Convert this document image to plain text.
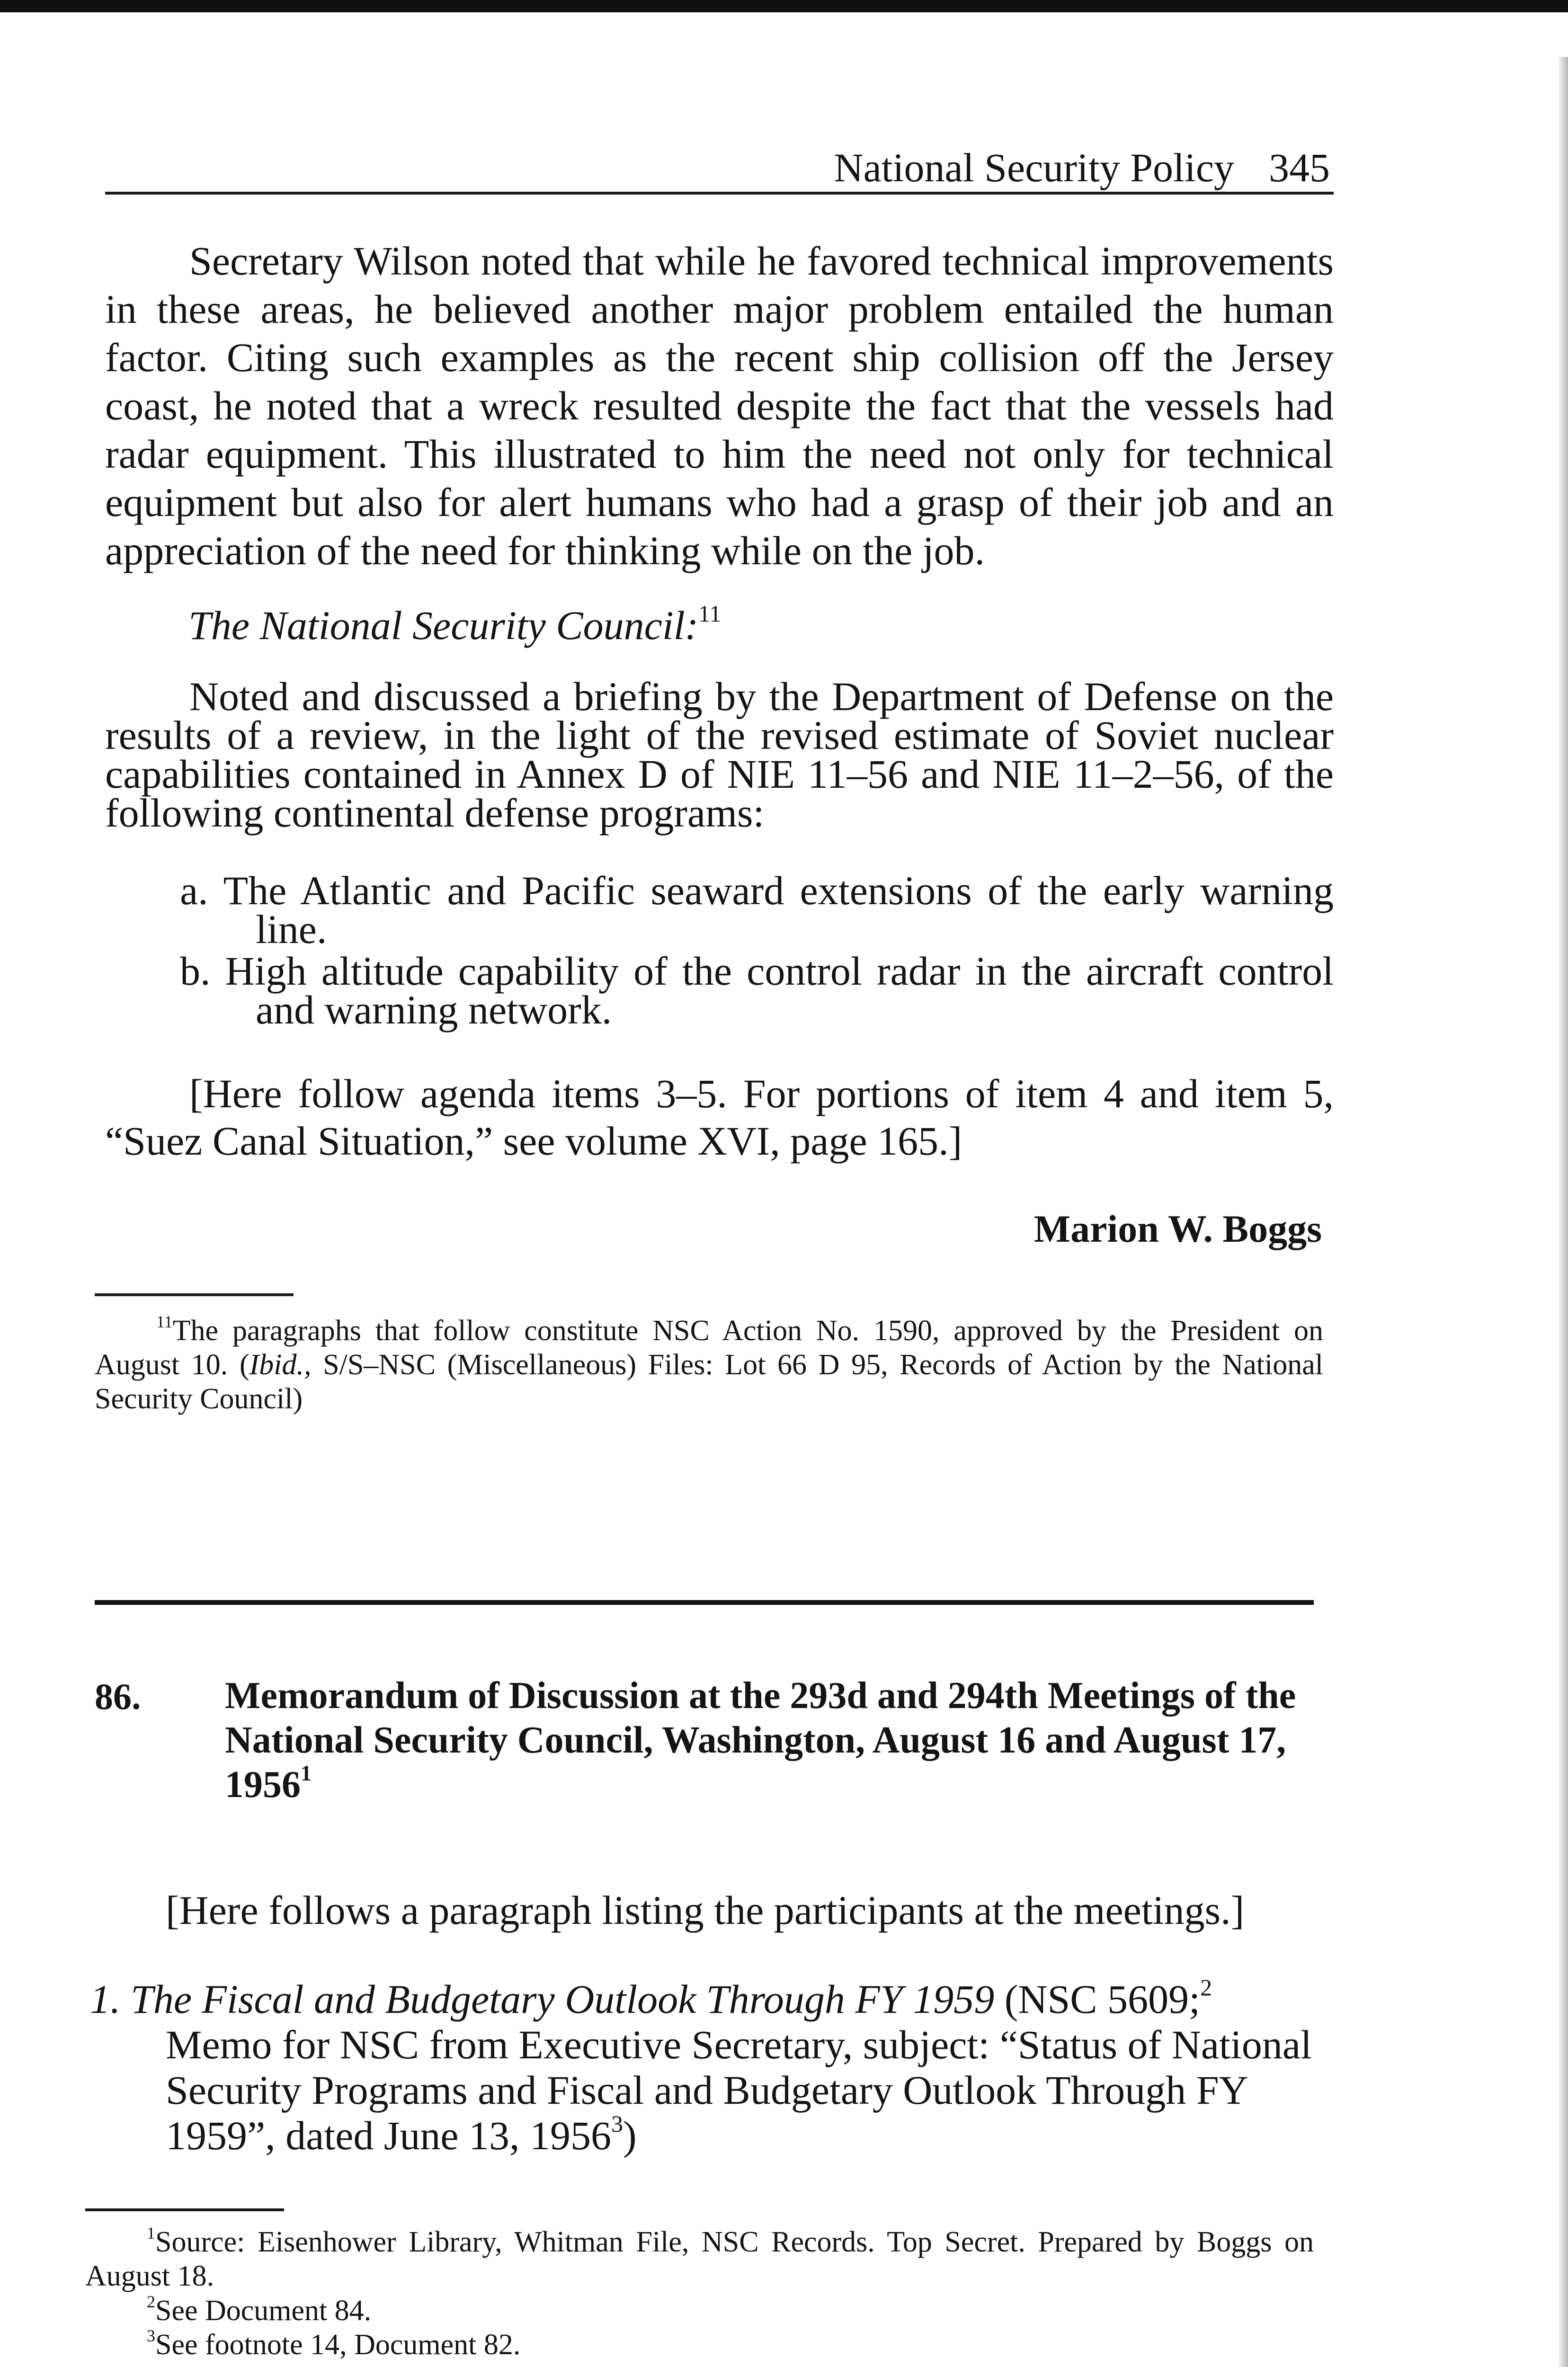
National Security Policy 345

Secretary Wilson noted that while he favored technical improvements in these areas, he believed another major problem entailed the human factor. Citing such examples as the recent ship collision off the Jersey coast, he noted that a wreck resulted despite the fact that the vessels had radar equipment. This illustrated to him the need not only for technical equipment but also for alert humans who had a grasp of their job and an appreciation of the need for thinking while on the job.

The National Security Council:$^{11}$

Noted and discussed a briefing by the Department of Defense on the results of a review, in the light of the revised estimate of Soviet nuclear capabilities contained in Annex D of NIE 11–56 and NIE 11–2–56, of the following continental defense programs:

a. The Atlantic and Pacific seaward extensions of the early warning line.

b. High altitude capability of the control radar in the aircraft control and warning network.

[Here follow agenda items 3–5. For portions of item 4 and item 5, “Suez Canal Situation,” see volume XVI, page 165.]

Marion W. Boggs

$^{11}$The paragraphs that follow constitute NSC Action No. 1590, approved by the President on August 10. (Ibid., S/S–NSC (Miscellaneous) Files: Lot 66 D 95, Records of Action by the National Security Council)

86. Memorandum of Discussion at the 293d and 294th Meetings of the National Security Council, Washington, August 16 and August 17, 1956$^1$

[Here follows a paragraph listing the participants at the meetings.]

1. The Fiscal and Budgetary Outlook Through FY 1959 (NSC 5609;$^2$ Memo for NSC from Executive Secretary, subject: “Status of National Security Programs and Fiscal and Budgetary Outlook Through FY 1959”, dated June 13, 1956$^3$)

$^1$Source: Eisenhower Library, Whitman File, NSC Records. Top Secret. Prepared by Boggs on August 18.

$^2$See Document 84.

$^3$See footnote 14, Document 82.
